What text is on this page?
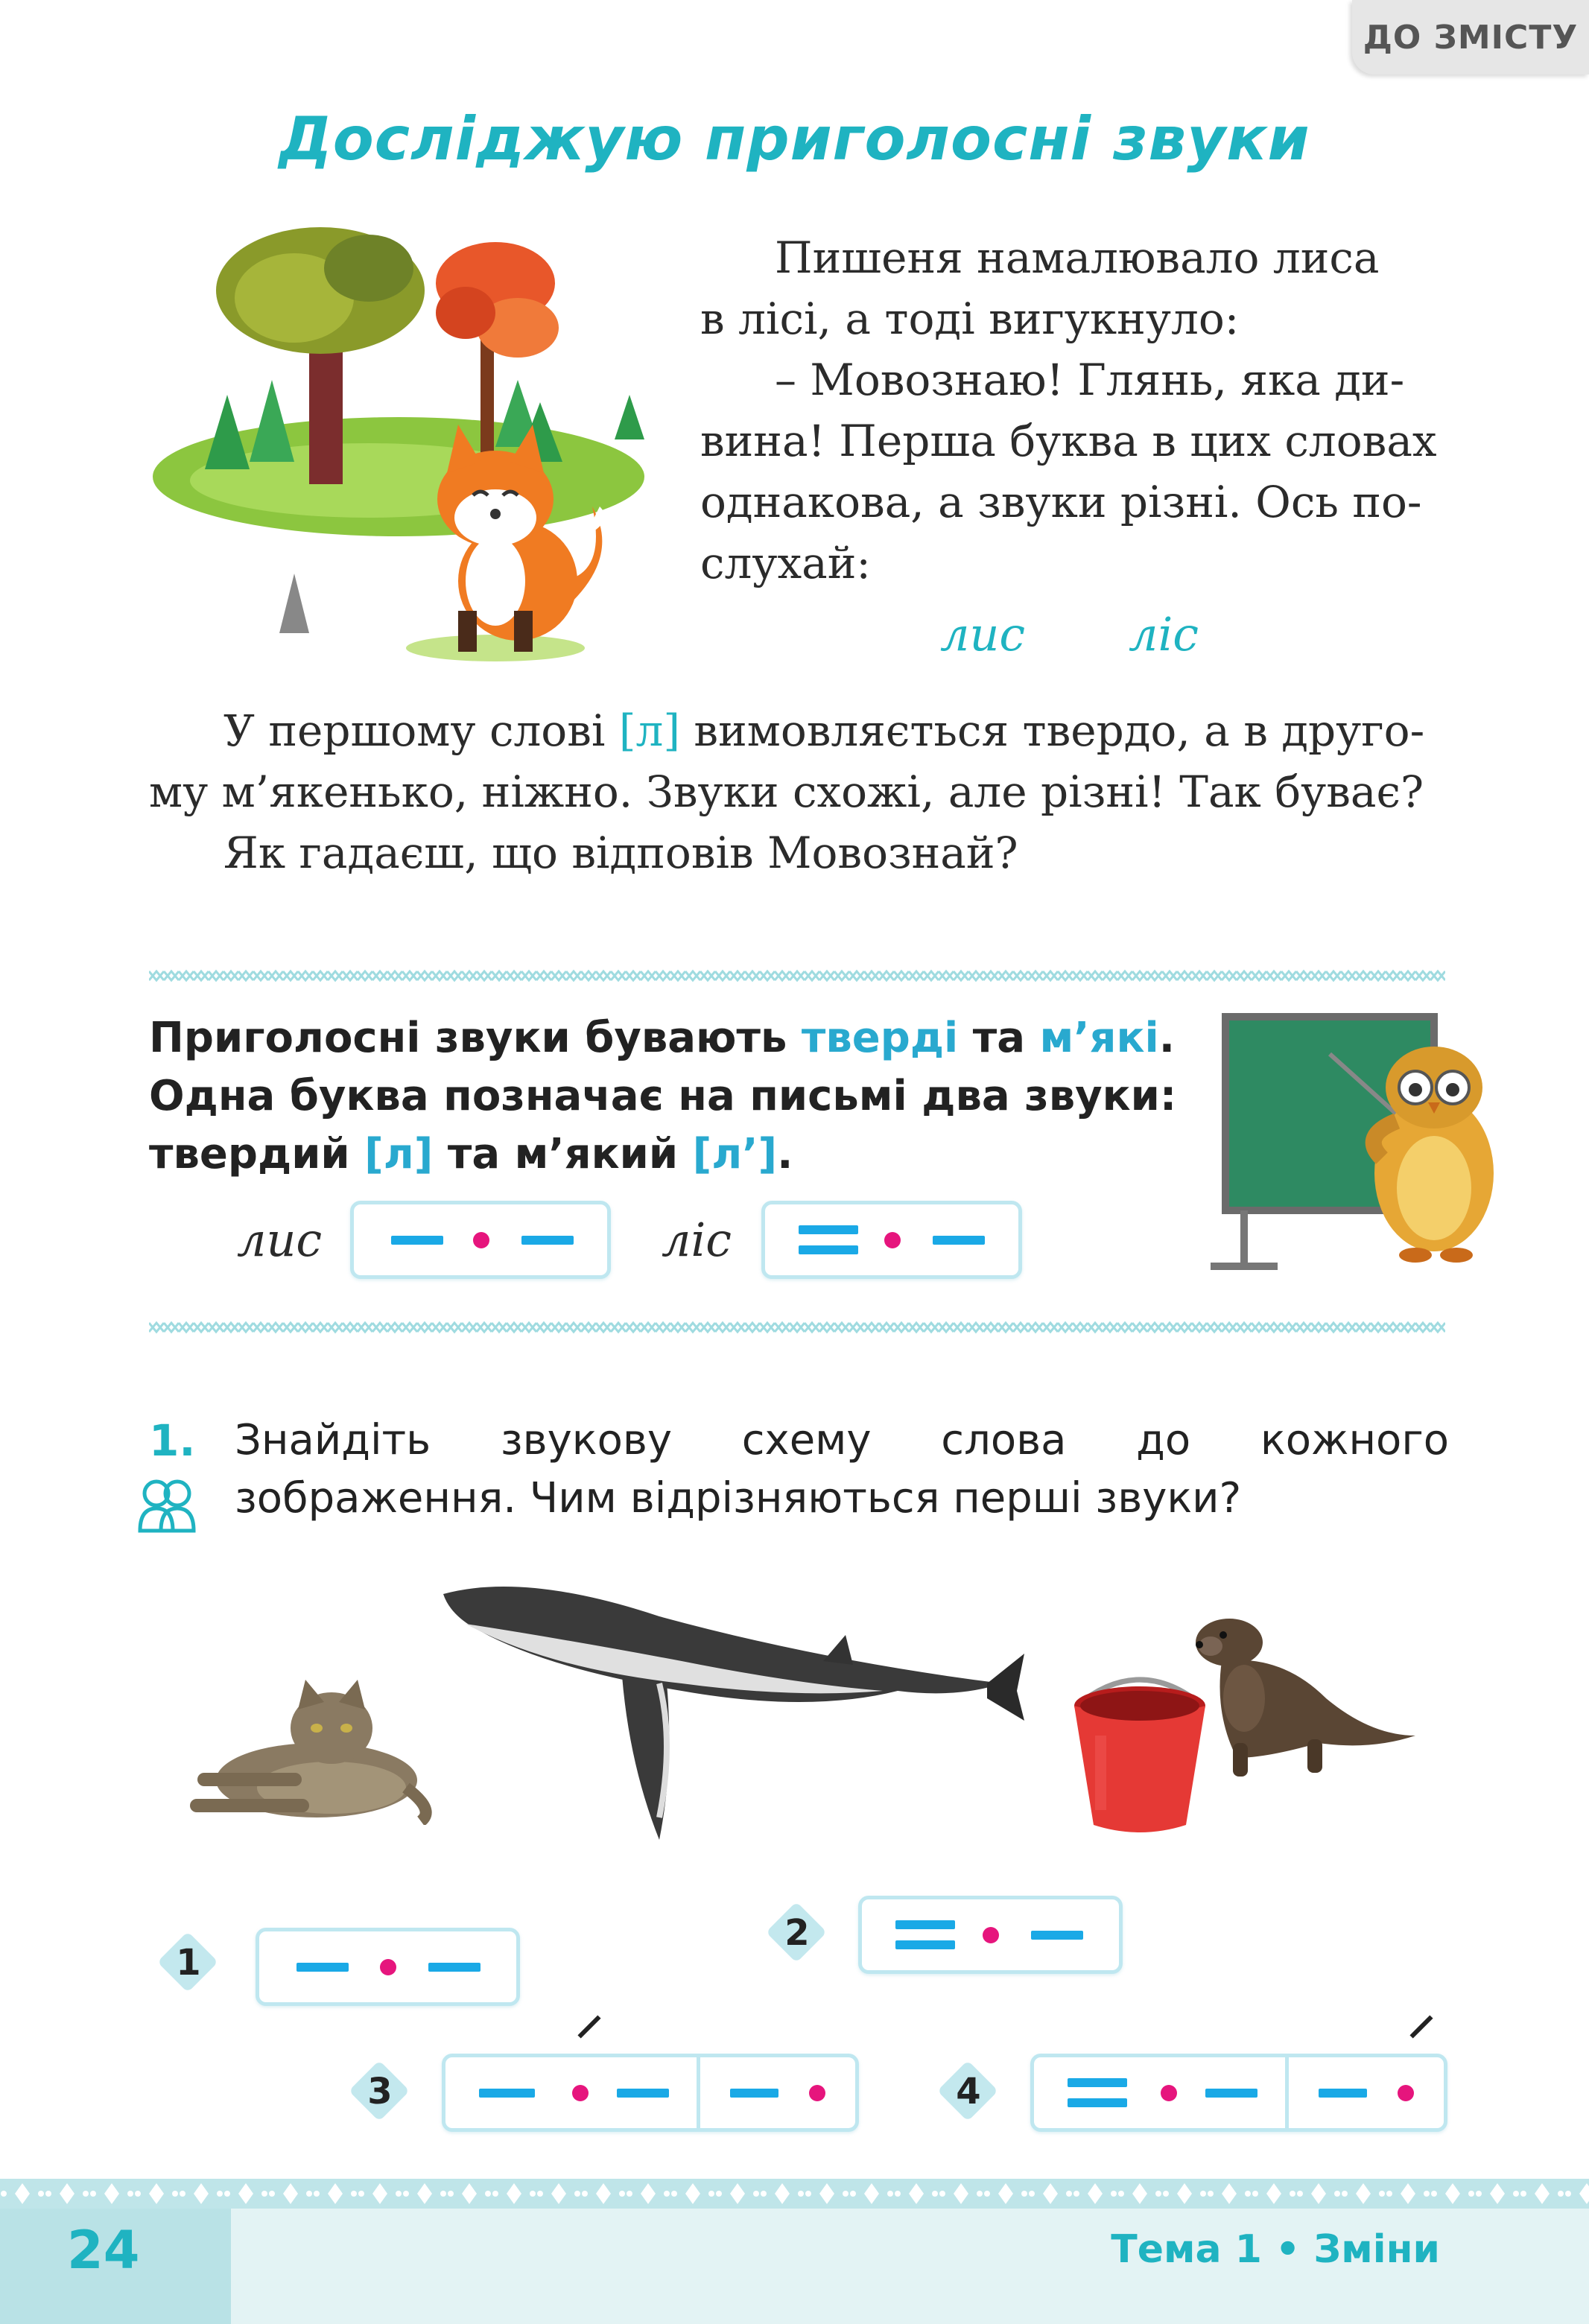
ДО ЗМІСТУ
Досліджую приголосні звуки

Пишеня намалювало лиса

в лісі, а тоді вигукнуло:

– Мовознаю! Глянь, яка ди-

вина! Перша буква в цих словах

однакова, а звуки різні. Ось по-

слухай:

лис ліс

У першому слові [л] вимовляється твердо, а в друго-

му м’якенько, ніжно. Звуки схожі, але різні! Так буває?

Як гадаєш, що відповів Мовознай?

Приголосні звуки бувають тверді та м’які.

Одна буква позначає на письмі два звуки:

твердий [л] та м’який [л’].

лис	ліс
1. Знайдіть звукову схему слова до кожного зображення. Чим відрізняються перші звуки?
1
2
3	4
24	Тема 1 • Зміни
